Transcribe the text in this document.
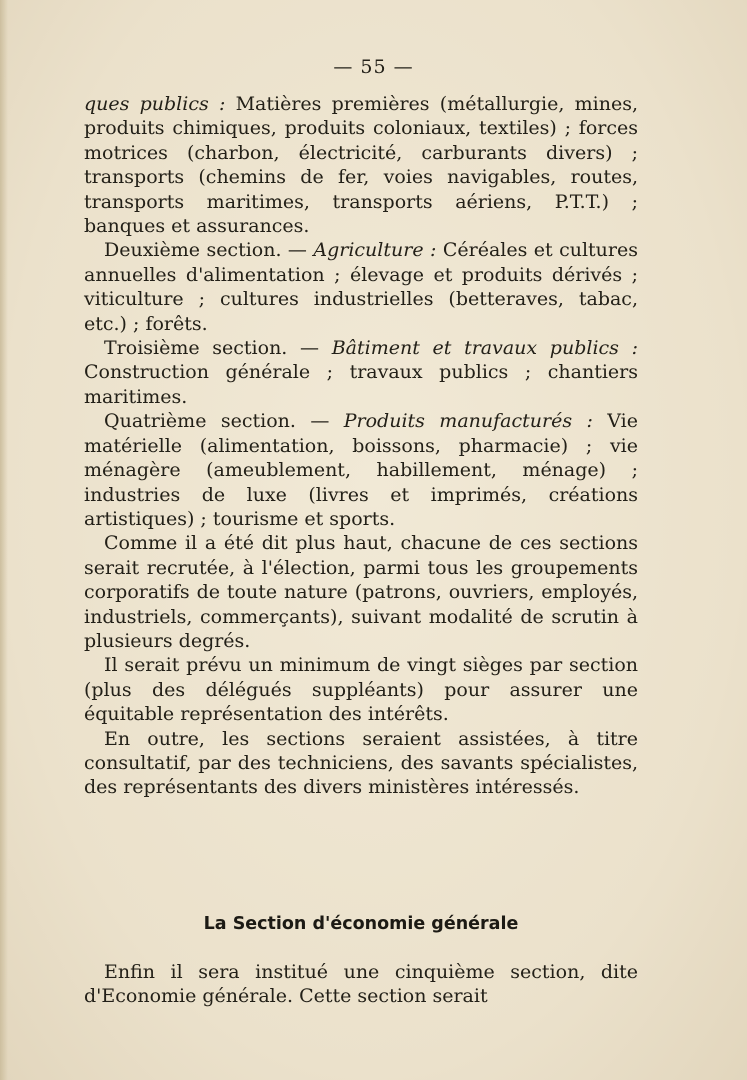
— 55 —

ques publics : Matières premières (métallurgie, mines, produits chimiques, produits coloniaux, textiles) ; forces motrices (charbon, électricité, carburants divers) ; transports (chemins de fer, voies navigables, routes, transports maritimes, transports aériens, P.T.T.) ; banques et assurances.

Deuxième section. — Agriculture : Céréales et cultures annuelles d'alimentation ; élevage et produits dérivés ; viticulture ; cultures industrielles (betteraves, tabac, etc.) ; forêts.

Troisième section. — Bâtiment et travaux publics : Construction générale ; travaux publics ; chantiers maritimes.

Quatrième section. — Produits manufacturés : Vie matérielle (alimentation, boissons, pharmacie) ; vie ménagère (ameublement, habillement, ménage) ; industries de luxe (livres et imprimés, créations artistiques) ; tourisme et sports.

Comme il a été dit plus haut, chacune de ces sections serait recrutée, à l'élection, parmi tous les groupements corporatifs de toute nature (patrons, ouvriers, employés, industriels, commerçants), suivant modalité de scrutin à plusieurs degrés.

Il serait prévu un minimum de vingt sièges par section (plus des délégués suppléants) pour assurer une équitable représentation des intérêts.

En outre, les sections seraient assistées, à titre consultatif, par des techniciens, des savants spécialistes, des représentants des divers ministères intéressés.

La Section d'économie générale

Enfin il sera institué une cinquième section, dite d'Economie générale. Cette section serait
